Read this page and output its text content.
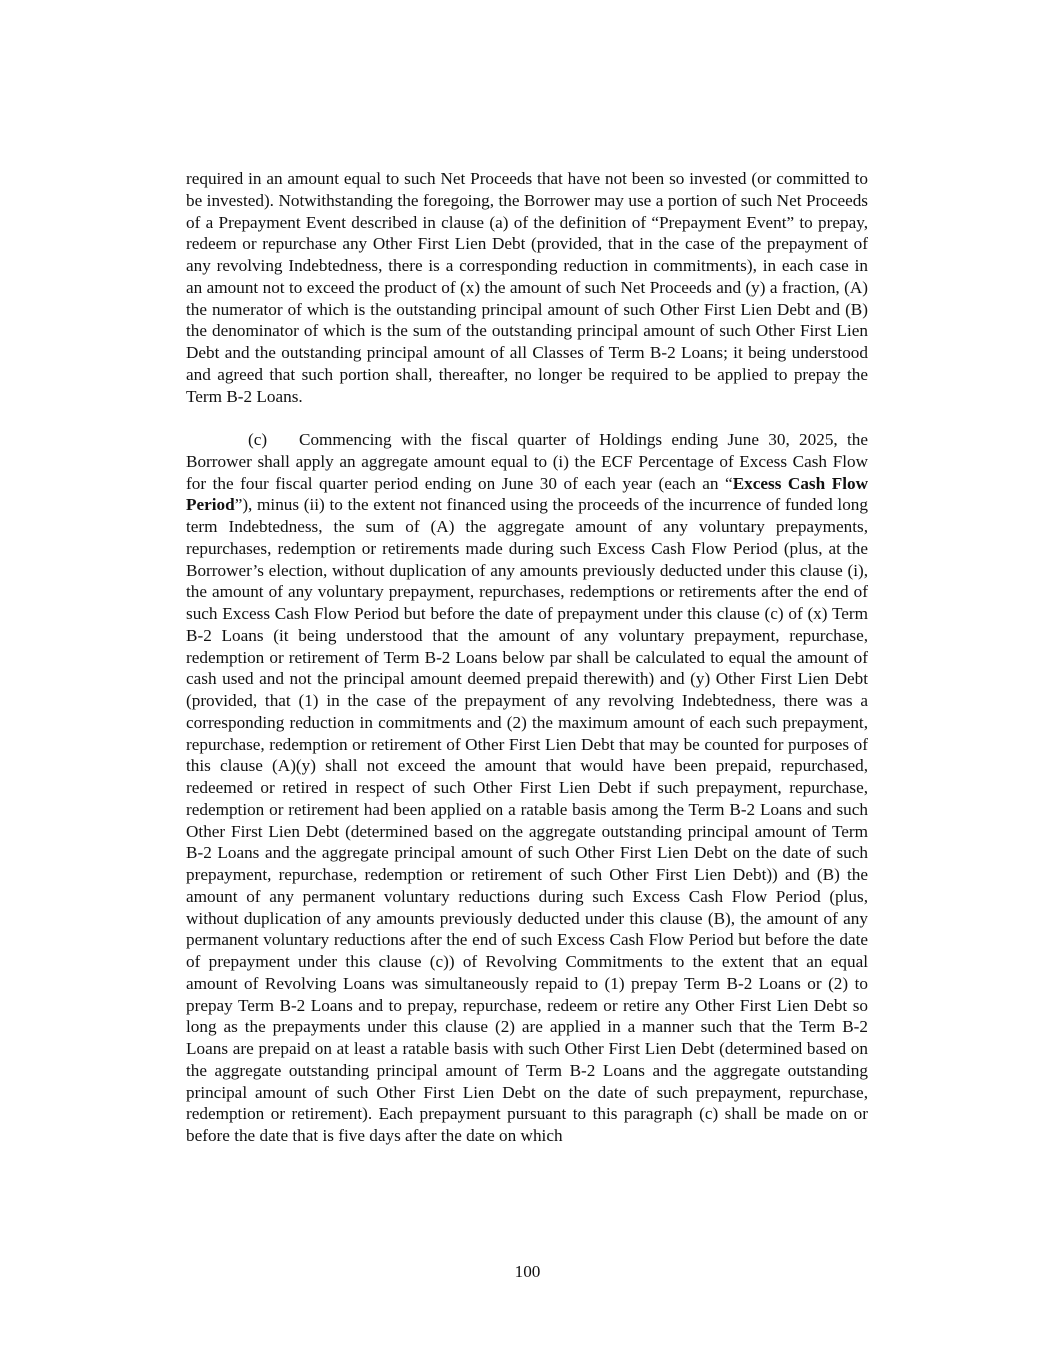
required in an amount equal to such Net Proceeds that have not been so invested (or committed to be invested). Notwithstanding the foregoing, the Borrower may use a portion of such Net Proceeds of a Prepayment Event described in clause (a) of the definition of “Prepayment Event” to prepay, redeem or repurchase any Other First Lien Debt (provided, that in the case of the prepayment of any revolving Indebtedness, there is a corresponding reduction in commitments), in each case in an amount not to exceed the product of (x) the amount of such Net Proceeds and (y) a fraction, (A) the numerator of which is the outstanding principal amount of such Other First Lien Debt and (B) the denominator of which is the sum of the outstanding principal amount of such Other First Lien Debt and the outstanding principal amount of all Classes of Term B-2 Loans; it being understood and agreed that such portion shall, thereafter, no longer be required to be applied to prepay the Term B-2 Loans.

(c) Commencing with the fiscal quarter of Holdings ending June 30, 2025, the Borrower shall apply an aggregate amount equal to (i) the ECF Percentage of Excess Cash Flow for the four fiscal quarter period ending on June 30 of each year (each an “Excess Cash Flow Period”), minus (ii) to the extent not financed using the proceeds of the incurrence of funded long term Indebtedness, the sum of (A) the aggregate amount of any voluntary prepayments, repurchases, redemption or retirements made during such Excess Cash Flow Period (plus, at the Borrower’s election, without duplication of any amounts previously deducted under this clause (i), the amount of any voluntary prepayment, repurchases, redemptions or retirements after the end of such Excess Cash Flow Period but before the date of prepayment under this clause (c) of (x) Term B-2 Loans (it being understood that the amount of any voluntary prepayment, repurchase, redemption or retirement of Term B-2 Loans below par shall be calculated to equal the amount of cash used and not the principal amount deemed prepaid therewith) and (y) Other First Lien Debt (provided, that (1) in the case of the prepayment of any revolving Indebtedness, there was a corresponding reduction in commitments and (2) the maximum amount of each such prepayment, repurchase, redemption or retirement of Other First Lien Debt that may be counted for purposes of this clause (A)(y) shall not exceed the amount that would have been prepaid, repurchased, redeemed or retired in respect of such Other First Lien Debt if such prepayment, repurchase, redemption or retirement had been applied on a ratable basis among the Term B-2 Loans and such Other First Lien Debt (determined based on the aggregate outstanding principal amount of Term B-2 Loans and the aggregate principal amount of such Other First Lien Debt on the date of such prepayment, repurchase, redemption or retirement of such Other First Lien Debt)) and (B) the amount of any permanent voluntary reductions during such Excess Cash Flow Period (plus, without duplication of any amounts previously deducted under this clause (B), the amount of any permanent voluntary reductions after the end of such Excess Cash Flow Period but before the date of prepayment under this clause (c)) of Revolving Commitments to the extent that an equal amount of Revolving Loans was simultaneously repaid to (1) prepay Term B-2 Loans or (2) to prepay Term B-2 Loans and to prepay, repurchase, redeem or retire any Other First Lien Debt so long as the prepayments under this clause (2) are applied in a manner such that the Term B-2 Loans are prepaid on at least a ratable basis with such Other First Lien Debt (determined based on the aggregate outstanding principal amount of Term B-2 Loans and the aggregate outstanding principal amount of such Other First Lien Debt on the date of such prepayment, repurchase, redemption or retirement). Each prepayment pursuant to this paragraph (c) shall be made on or before the date that is five days after the date on which

100
